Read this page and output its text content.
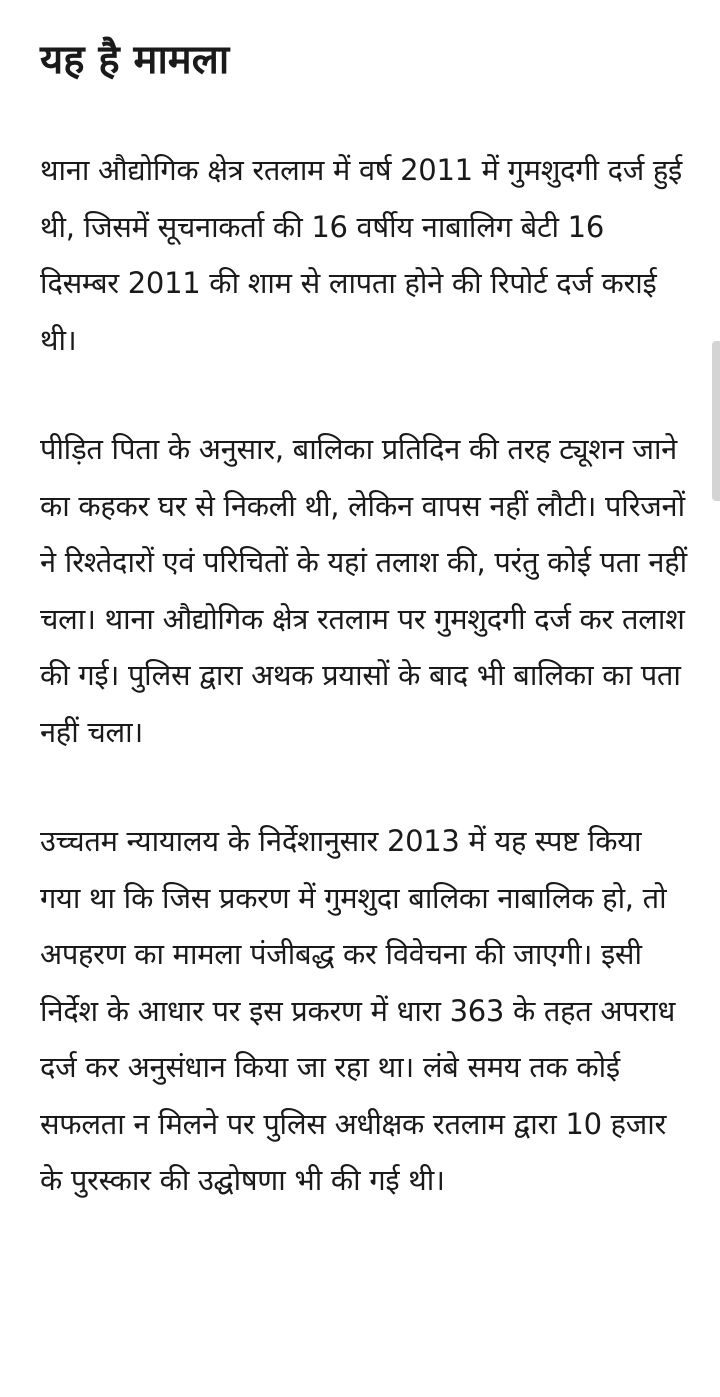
यह है मामला

थाना औद्योगिक क्षेत्र रतलाम में वर्ष 2011 में गुमशुदगी दर्ज हुई थी, जिसमें सूचनाकर्ता की 16 वर्षीय नाबालिग बेटी 16 दिसम्बर 2011 की शाम से लापता होने की रिपोर्ट दर्ज कराई थी।

पीड़ित पिता के अनुसार, बालिका प्रतिदिन की तरह ट्यूशन जाने का कहकर घर से निकली थी, लेकिन वापस नहीं लौटी। परिजनों ने रिश्तेदारों एवं परिचितों के यहां तलाश की, परंतु कोई पता नहीं चला। थाना औद्योगिक क्षेत्र रतलाम पर गुमशुदगी दर्ज कर तलाश की गई। पुलिस द्वारा अथक प्रयासों के बाद भी बालिका का पता नहीं चला।

उच्चतम न्यायालय के निर्देशानुसार 2013 में यह स्पष्ट किया गया था कि जिस प्रकरण में गुमशुदा बालिका नाबालिक हो, तो अपहरण का मामला पंजीबद्ध कर विवेचना की जाएगी। इसी निर्देश के आधार पर इस प्रकरण में धारा 363 के तहत अपराध दर्ज कर अनुसंधान किया जा रहा था। लंबे समय तक कोई सफलता न मिलने पर पुलिस अधीक्षक रतलाम द्वारा 10 हजार के पुरस्कार की उद्घोषणा भी की गई थी।
